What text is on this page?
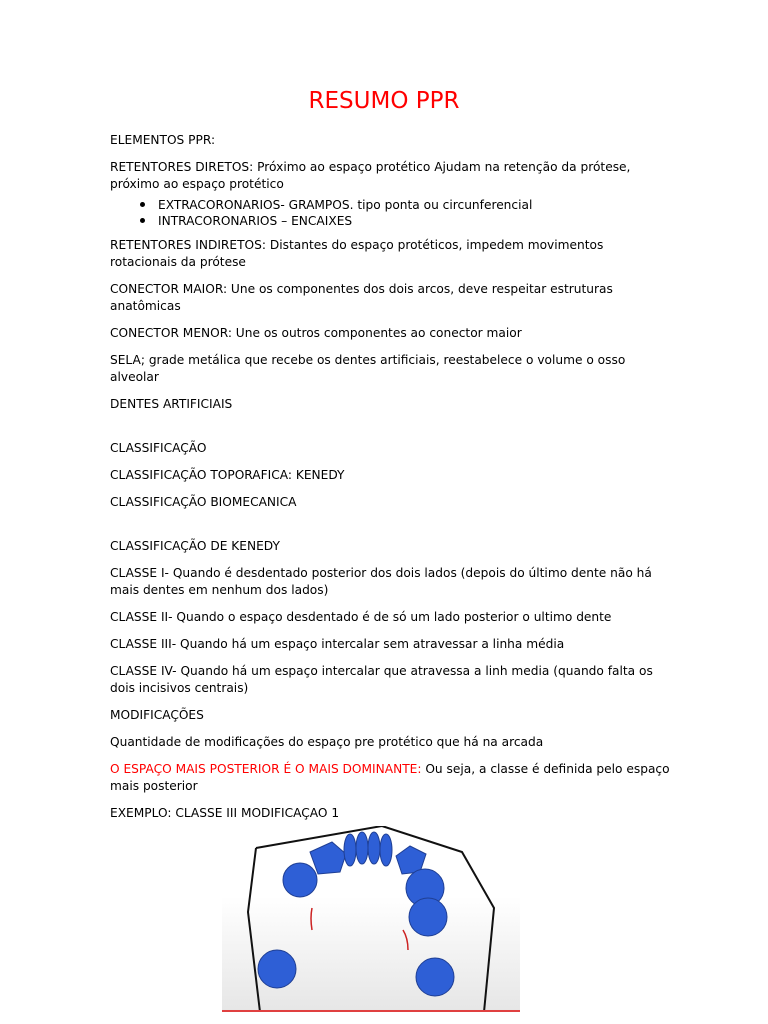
RESUMO PPR

ELEMENTOS PPR:

RETENTORES DIRETOS: Próximo ao espaço protético Ajudam na retenção da prótese, próximo ao espaço protético

EXTRACORONARIOS- GRAMPOS. tipo ponta ou circunferencial
INTRACORONARIOS – ENCAIXES

RETENTORES INDIRETOS: Distantes do espaço protéticos, impedem movimentos rotacionais da prótese

CONECTOR MAIOR: Une os componentes dos dois arcos, deve respeitar estruturas anatômicas

CONECTOR MENOR: Une os outros componentes ao conector maior

SELA; grade metálica que recebe os dentes artificiais, reestabelece o volume o osso alveolar

DENTES ARTIFICIAIS

CLASSIFICAÇÃO

CLASSIFICAÇÃO TOPORAFICA: KENEDY

CLASSIFICAÇÃO BIOMECANICA

CLASSIFICAÇÃO DE KENEDY

CLASSE I- Quando é desdentado posterior dos dois lados (depois do último dente não há mais dentes em nenhum dos lados)

CLASSE II- Quando o espaço desdentado é de só um lado posterior o ultimo dente

CLASSE III- Quando há um espaço intercalar sem atravessar a linha média

CLASSE IV- Quando há um espaço intercalar que atravessa a linh media (quando falta os dois incisivos centrais)

MODIFICAÇÕES

Quantidade de modificações do espaço pre protético que há na arcada

O ESPAÇO MAIS POSTERIOR É O MAIS DOMINANTE: Ou seja, a classe é definida pelo espaço mais posterior

EXEMPLO: CLASSE III MODIFICAÇAO 1
